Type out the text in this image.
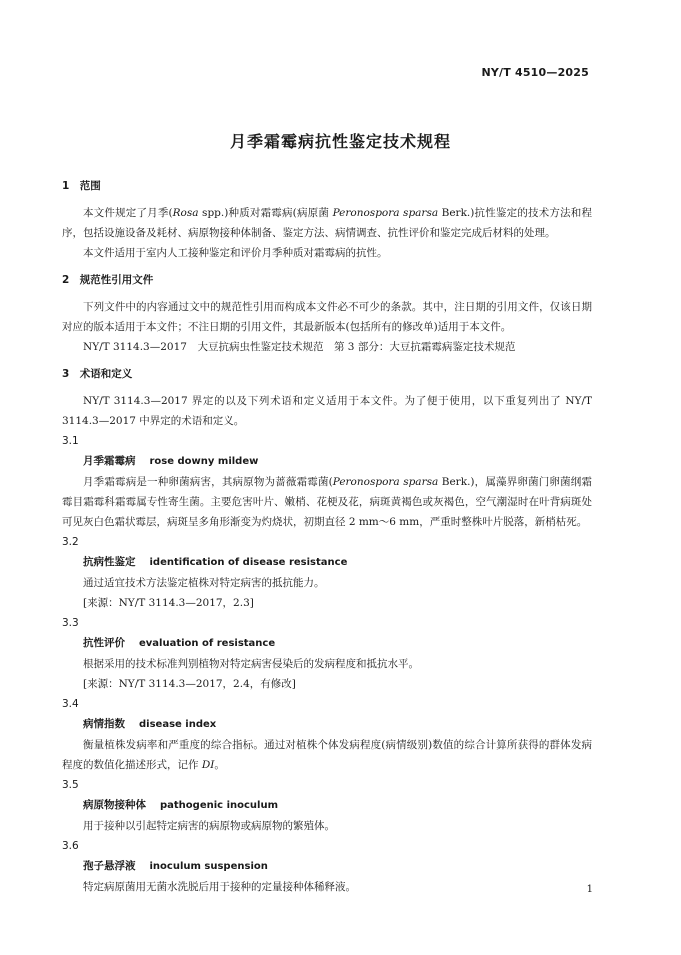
NY/T 4510—2025
月季霜霉病抗性鉴定技术规程
1　范围

本文件规定了月季(Rosa spp.)种质对霜霉病(病原菌 Peronospora sparsa Berk.)抗性鉴定的技术方法和程序，包括设施设备及耗材、病原物接种体制备、鉴定方法、病情调查、抗性评价和鉴定完成后材料的处理。

本文件适用于室内人工接种鉴定和评价月季种质对霜霉病的抗性。

2　规范性引用文件

下列文件中的内容通过文中的规范性引用而构成本文件必不可少的条款。其中，注日期的引用文件，仅该日期对应的版本适用于本文件；不注日期的引用文件，其最新版本(包括所有的修改单)适用于本文件。

NY/T 3114.3—2017　大豆抗病虫性鉴定技术规范　第 3 部分：大豆抗霜霉病鉴定技术规范

3　术语和定义

NY/T 3114.3—2017 界定的以及下列术语和定义适用于本文件。为了便于使用，以下重复列出了 NY/T 3114.3—2017 中界定的术语和定义。

3.1

月季霜霉病 rose downy mildew

月季霜霉病是一种卵菌病害，其病原物为蔷薇霜霉菌(Peronospora sparsa Berk.)，属藻界卵菌门卵菌纲霜霉目霜霉科霜霉属专性寄生菌。主要危害叶片、嫩梢、花梗及花，病斑黄褐色或灰褐色，空气潮湿时在叶背病斑处可见灰白色霜状霉层，病斑呈多角形渐变为灼烧状，初期直径 2 mm～6 mm，严重时整株叶片脱落，新梢枯死。

3.2

抗病性鉴定 identification of disease resistance

通过适宜技术方法鉴定植株对特定病害的抵抗能力。

[来源：NY/T 3114.3—2017，2.3]

3.3

抗性评价 evaluation of resistance

根据采用的技术标准判别植物对特定病害侵染后的发病程度和抵抗水平。

[来源：NY/T 3114.3—2017，2.4，有修改]

3.4

病情指数 disease index

衡量植株发病率和严重度的综合指标。通过对植株个体发病程度(病情级别)数值的综合计算所获得的群体发病程度的数值化描述形式，记作 DI。

3.5

病原物接种体 pathogenic inoculum

用于接种以引起特定病害的病原物或病原物的繁殖体。

3.6

孢子悬浮液 inoculum suspension

特定病原菌用无菌水洗脱后用于接种的定量接种体稀释液。	1
